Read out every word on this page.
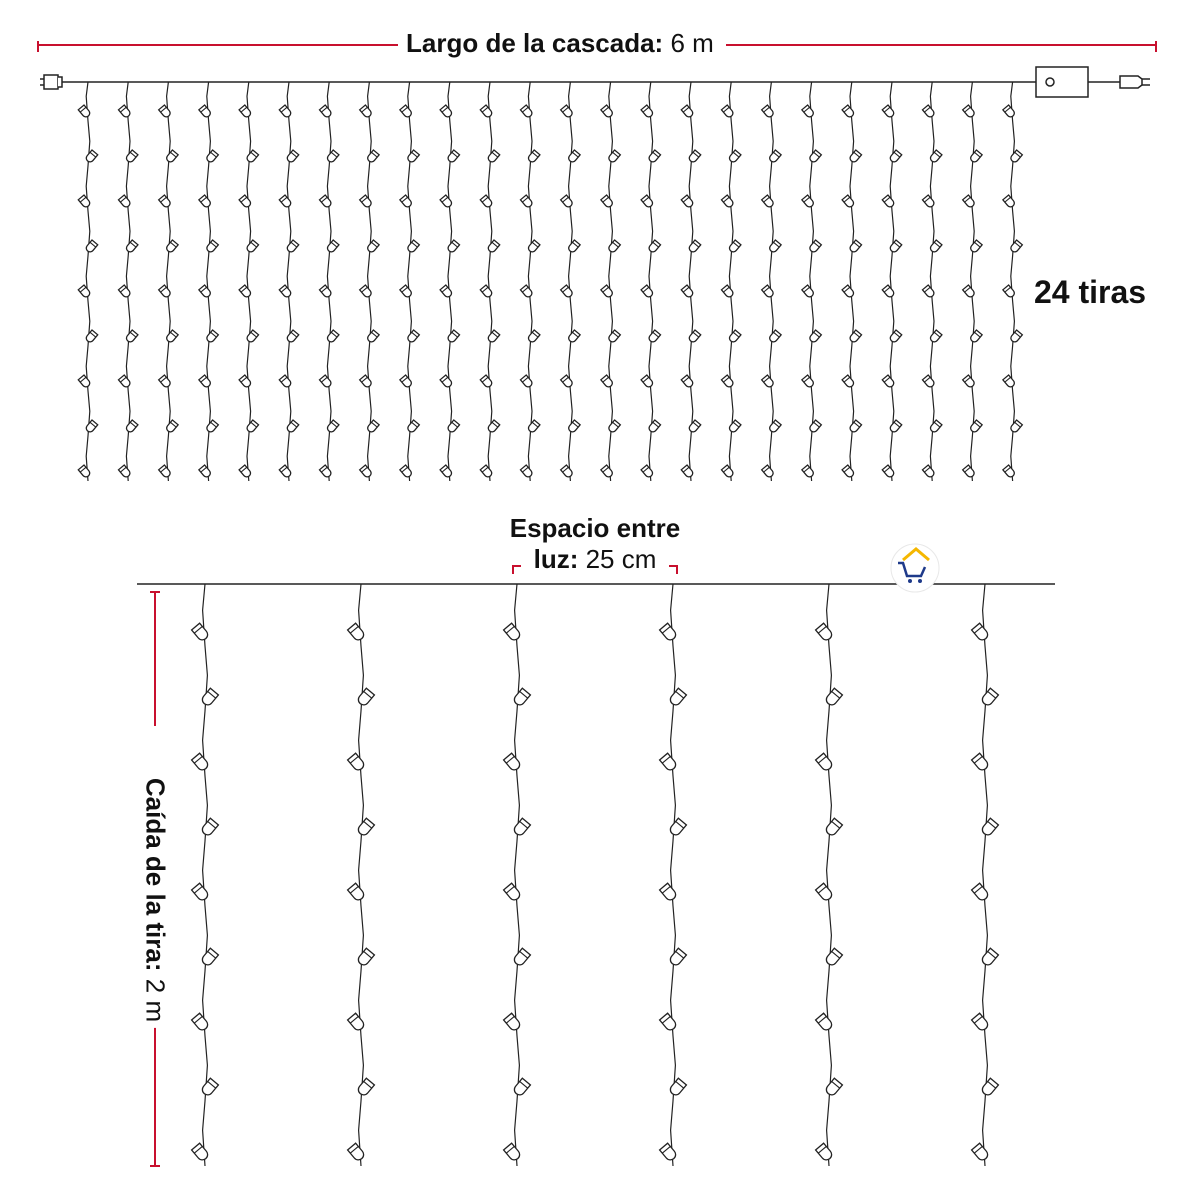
Largo de la cascada: 6 m
24 tiras
Espacio entre
luz: 25 cm
Caída de la tira: 2 m
